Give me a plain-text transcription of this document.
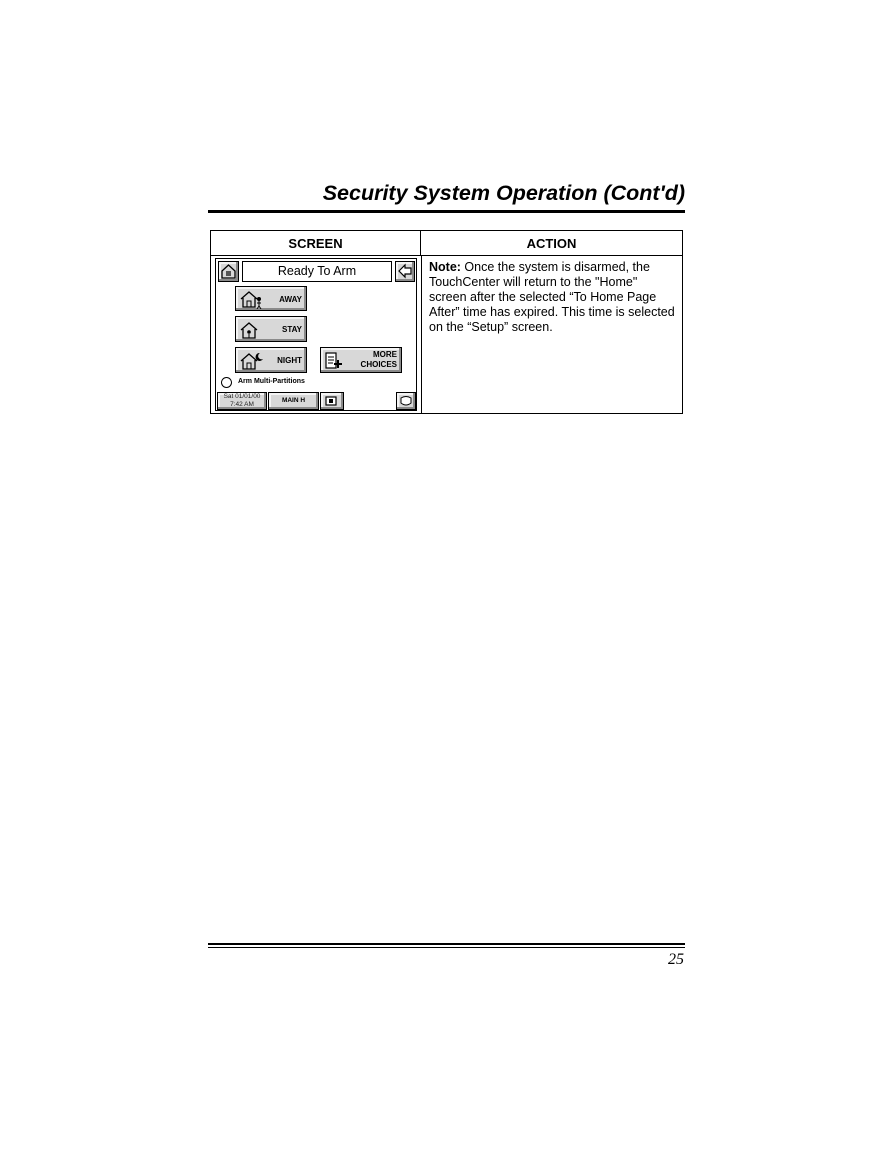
Security System Operation (Cont'd)
SCREEN	ACTION
Ready To Arm
AWAY
STAY
NIGHT
MORE
CHOICES
Arm Multi-Partitions
Sat 01/01/00
7:42 AM
MAIN H
Note: Once the system is disarmed, the TouchCenter will return to the "Home" screen after the selected “To Home Page After” time has expired. This time is selected on the “Setup” screen.
25
